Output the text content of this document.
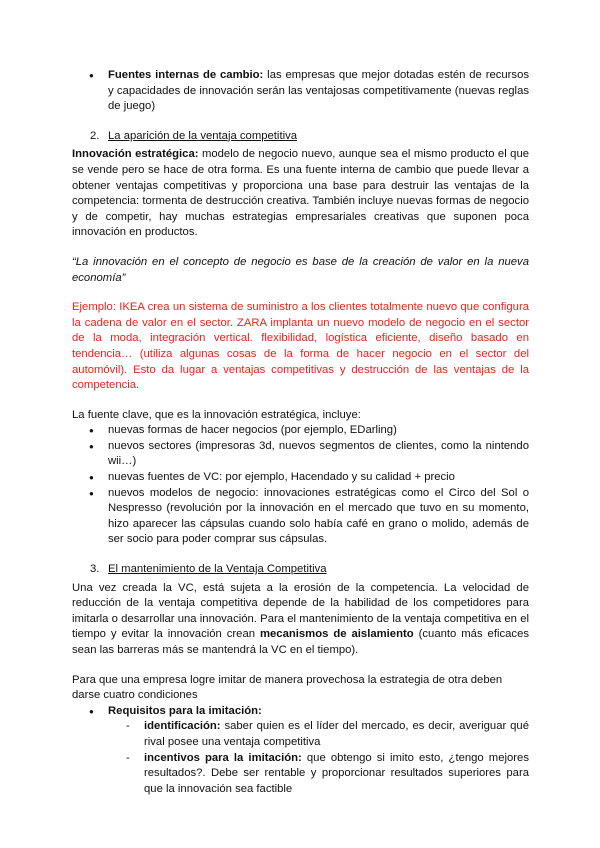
● Fuentes internas de cambio: las empresas que mejor dotadas estén de recursos y capacidades de innovación serán las ventajosas competitivamente (nuevas reglas de juego)
2. La aparición de la ventaja competitiva

Innovación estratégica: modelo de negocio nuevo, aunque sea el mismo producto el que se vende pero se hace de otra forma. Es una fuente interna de cambio que puede llevar a obtener ventajas competitivas y proporciona una base para destruir las ventajas de la competencia: tormenta de destrucción creativa. También incluye nuevas formas de negocio y de competir, hay muchas estrategias empresariales creativas que suponen poca innovación en productos.

“La innovación en el concepto de negocio es base de la creación de valor en la nueva economía”

Ejemplo: IKEA crea un sistema de suministro a los clientes totalmente nuevo que configura la cadena de valor en el sector. ZARA implanta un nuevo modelo de negocio en el sector de la moda, integración vertical. flexibilidad, logística eficiente, diseño basado en tendencia… (utiliza algunas cosas de la forma de hacer negocio en el sector del automóvil). Esto da lugar a ventajas competitivas y destrucción de las ventajas de la competencia.

La fuente clave, que es la innovación estratégica, incluye:

● nuevas formas de hacer negocios (por ejemplo, EDarling)
● nuevos sectores (impresoras 3d, nuevos segmentos de clientes, como la nintendo wii…)
● nuevas fuentes de VC: por ejemplo, Hacendado y su calidad + precio
● nuevos modelos de negocio: innovaciones estratégicas como el Circo del Sol o Nespresso (revolución por la innovación en el mercado que tuvo en su momento, hizo aparecer las cápsulas cuando solo había café en grano o molido, además de ser socio para poder comprar sus cápsulas.
3. El mantenimiento de la Ventaja Competitiva

Una vez creada la VC, está sujeta a la erosión de la competencia. La velocidad de reducción de la ventaja competitiva depende de la habilidad de los competidores para imitarla o desarrollar una innovación. Para el mantenimiento de la ventaja competitiva en el tiempo y evitar la innovación crean mecanismos de aislamiento (cuanto más eficaces sean las barreras más se mantendrá la VC en el tiempo).

Para que una empresa logre imitar de manera provechosa la estrategia de otra deben darse cuatro condiciones

● Requisitos para la imitación:
- identificación: saber quien es el líder del mercado, es decir, averiguar qué rival posee una ventaja competitiva
- incentivos para la imitación: que obtengo si imito esto, ¿tengo mejores resultados?. Debe ser rentable y proporcionar resultados superiores para que la innovación sea factible
